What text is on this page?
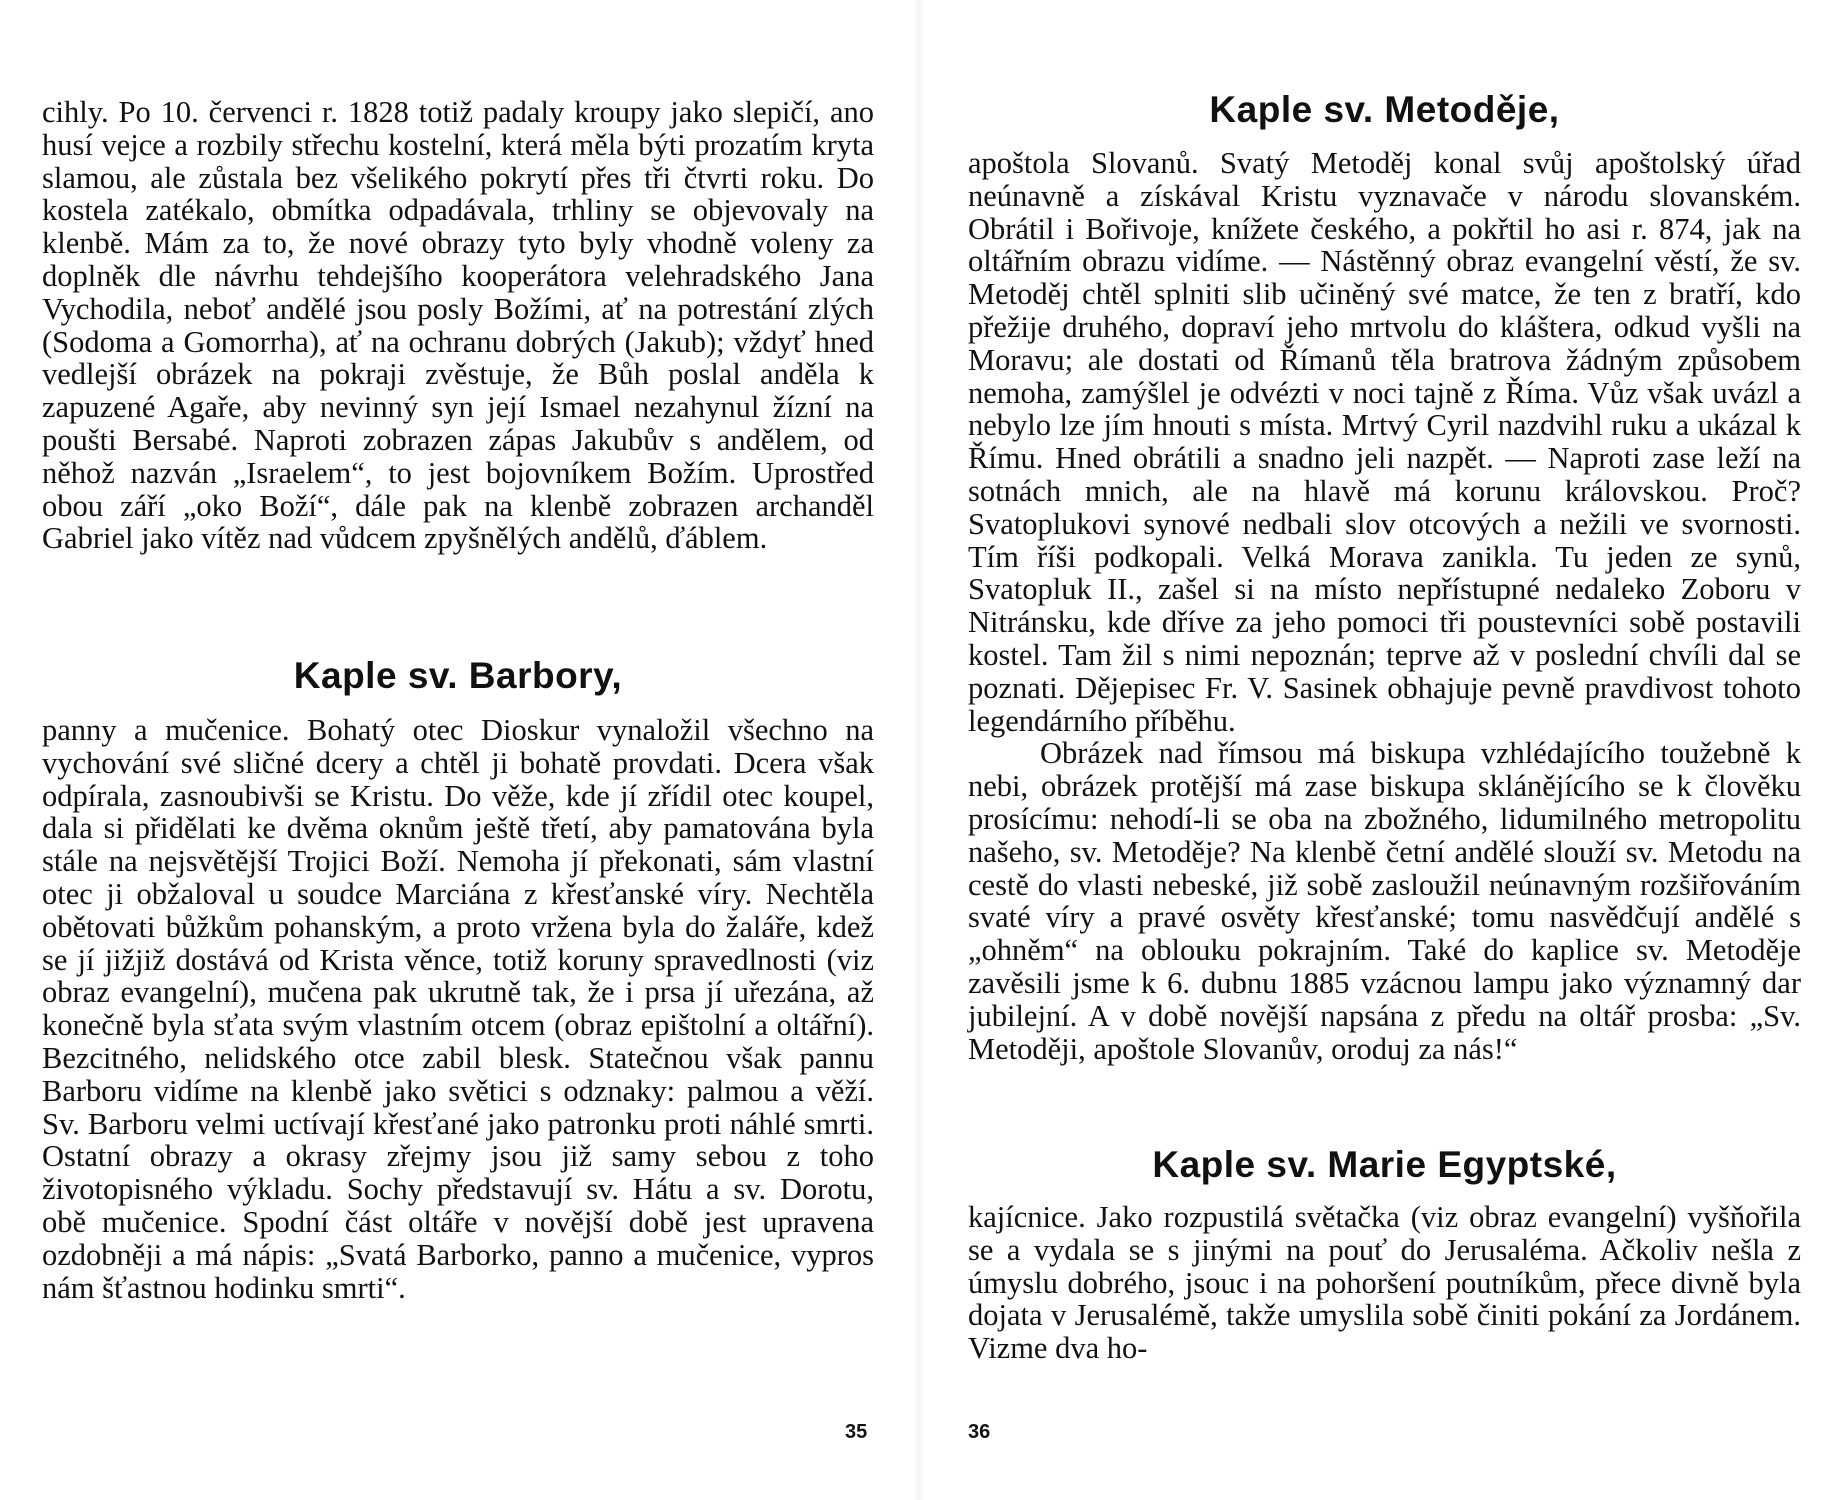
cihly. Po 10. červenci r. 1828 totiž padaly kroupy jako slepičí, ano husí vejce a rozbily střechu kostelní, která měla býti prozatím kryta slamou, ale zůstala bez všelikého pokrytí přes tři čtvrti roku. Do kostela zatékalo, obmítka odpadávala, trhliny se objevovaly na klenbě. Mám za to, že nové obrazy tyto byly vhodně voleny za doplněk dle návrhu tehdejšího kooperátora velehradského Jana Vychodila, neboť andělé jsou posly Božími, ať na potrestání zlých (Sodoma a Gomorrha), ať na ochranu dobrých (Jakub); vždyť hned vedlejší obrázek na pokraji zvěstuje, že Bůh poslal anděla k zapuzené Agaře, aby nevinný syn její Ismael nezahynul žízní na poušti Bersabé. Naproti zobrazen zápas Jakubův s andělem, od něhož nazván „Israelem“, to jest bojovníkem Božím. Uprostřed obou září „oko Boží“, dále pak na klenbě zobrazen archanděl Gabriel jako vítěz nad vůdcem zpyšnělých andělů, ďáblem.

Kaple sv. Barbory,

panny a mučenice. Bohatý otec Dioskur vynaložil všechno na vychování své sličné dcery a chtěl ji bohatě provdati. Dcera však odpírala, zasnoubivši se Kristu. Do věže, kde jí zřídil otec koupel, dala si přidělati ke dvěma oknům ještě třetí, aby pamatována byla stále na nejsvětější Trojici Boží. Nemoha jí překonati, sám vlastní otec ji obžaloval u soudce Marciána z křesťanské víry. Nechtěla obětovati bůžkům pohanským, a proto vržena byla do žaláře, kdež se jí jižjiž dostává od Krista věnce, totiž koruny spravedlnosti (viz obraz evangelní), mučena pak ukrutně tak, že i prsa jí uřezána, až konečně byla sťata svým vlastním otcem (obraz epištolní a oltářní). Bezcitného, nelidského otce zabil blesk. Statečnou však pannu Barboru vidíme na klenbě jako světici s odznaky: palmou a věží. Sv. Barboru velmi uctívají křesťané jako patronku proti náhlé smrti. Ostatní obrazy a okrasy zřejmy jsou již samy sebou z toho životopisného výkladu. Sochy představují sv. Hátu a sv. Dorotu, obě mučenice. Spodní část oltáře v novější době jest upravena ozdobněji a má nápis: „Svatá Barborko, panno a mučenice, vypros nám šťastnou hodinku smrti“.

35
Kaple sv. Metoděje,

apoštola Slovanů. Svatý Metoděj konal svůj apoštolský úřad neúnavně a získával Kristu vyznavače v národu slovanském. Obrátil i Bořivoje, knížete českého, a pokřtil ho asi r. 874, jak na oltářním obrazu vidíme. — Nástěnný obraz evangelní věstí, že sv. Metoděj chtěl splniti slib učiněný své matce, že ten z bratří, kdo přežije druhého, dopraví jeho mrtvolu do kláštera, odkud vyšli na Moravu; ale dostati od Římanů těla bratrova žádným způsobem nemoha, zamýšlel je odvézti v noci tajně z Říma. Vůz však uvázl a nebylo lze jím hnouti s místa. Mrtvý Cyril nazdvihl ruku a ukázal k Římu. Hned obrátili a snadno jeli nazpět. — Naproti zase leží na sotnách mnich, ale na hlavě má korunu královskou. Proč? Svatoplukovi synové nedbali slov otcových a nežili ve svornosti. Tím říši podkopali. Velká Morava zanikla. Tu jeden ze synů, Svatopluk II., zašel si na místo nepřístupné nedaleko Zoboru v Nitránsku, kde dříve za jeho pomoci tři poustevníci sobě postavili kostel. Tam žil s nimi nepoznán; teprve až v poslední chvíli dal se poznati. Dějepisec Fr. V. Sasinek obhajuje pevně pravdivost tohoto legendárního příběhu.

Obrázek nad římsou má biskupa vzhlédajícího toužebně k nebi, obrázek protější má zase biskupa sklánějícího se k člověku prosícímu: nehodí-li se oba na zbožného, lidumilného metropolitu našeho, sv. Metoděje? Na klenbě četní andělé slouží sv. Metodu na cestě do vlasti nebeské, již sobě zasloužil neúnavným rozšiřováním svaté víry a pravé osvěty křesťanské; tomu nasvědčují andělé s „ohněm“ na oblouku pokrajním. Také do kaplice sv. Metoděje zavěsili jsme k 6. dubnu 1885 vzácnou lampu jako významný dar jubilejní. A v době novější napsána z předu na oltář prosba: „Sv. Metoději, apoštole Slovanův, oroduj za nás!“

Kaple sv. Marie Egyptské,

kajícnice. Jako rozpustilá světačka (viz obraz evangelní) vyšňořila se a vydala se s jinými na pouť do Jerusaléma. Ačkoliv nešla z úmyslu dobrého, jsouc i na pohoršení poutníkům, přece divně byla dojata v Jerusalémě, takže umyslila sobě činiti pokání za Jordánem. Vizme dva ho-

36
